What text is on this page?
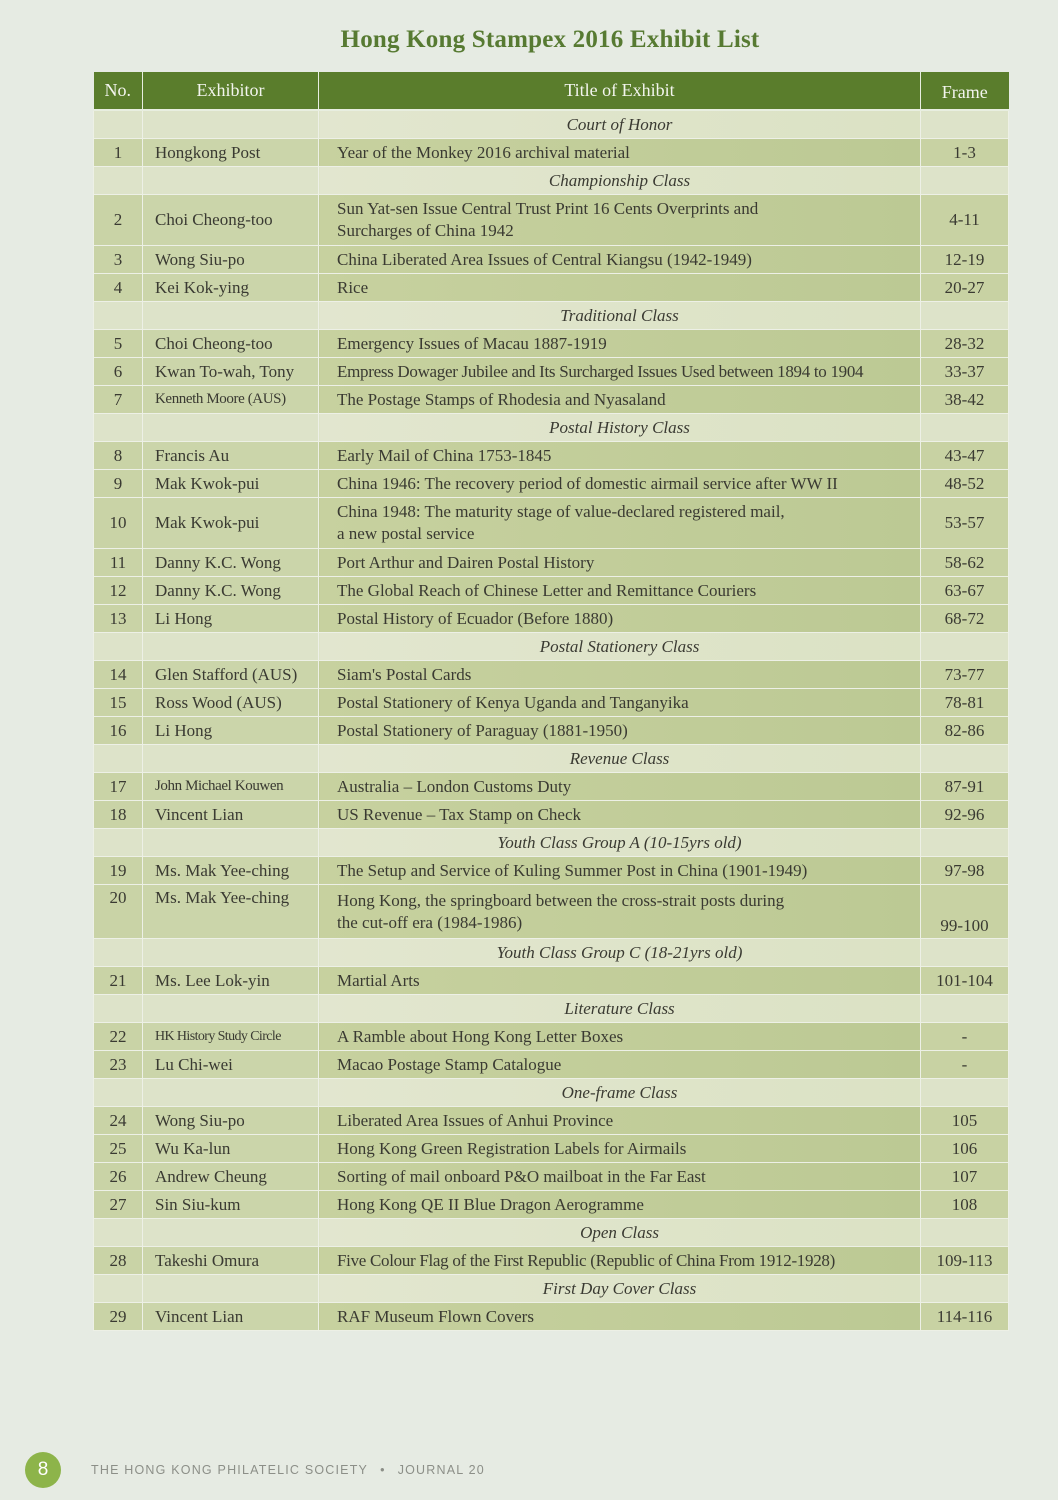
Hong Kong Stampex 2016 Exhibit List
No.	Exhibitor	Title of Exhibit	Frame
		Court of Honor	
1	Hongkong Post	Year of the Monkey 2016 archival material	1-3
		Championship Class	
2	Choi Cheong-too	Sun Yat-sen Issue Central Trust Print 16 Cents Overprints and
Surcharges of China 1942	4-11
3	Wong Siu-po	China Liberated Area Issues of Central Kiangsu (1942-1949)	12-19
4	Kei Kok-ying	Rice	20-27
		Traditional Class	
5	Choi Cheong-too	Emergency Issues of Macau 1887-1919	28-32
6	Kwan To-wah, Tony	Empress Dowager Jubilee and Its Surcharged Issues Used between 1894 to 1904	33-37
7	Kenneth Moore (AUS)	The Postage Stamps of Rhodesia and Nyasaland	38-42
		Postal History Class	
8	Francis Au	Early Mail of China 1753-1845	43-47
9	Mak Kwok-pui	China 1946: The recovery period of domestic airmail service after WW II	48-52
10	Mak Kwok-pui	China 1948: The maturity stage of value-declared registered mail,
a new postal service	53-57
11	Danny K.C. Wong	Port Arthur and Dairen Postal History	58-62
12	Danny K.C. Wong	The Global Reach of Chinese Letter and Remittance Couriers	63-67
13	Li Hong	Postal History of Ecuador (Before 1880)	68-72
		Postal Stationery Class	
14	Glen Stafford (AUS)	Siam's Postal Cards	73-77
15	Ross Wood (AUS)	Postal Stationery of Kenya Uganda and Tanganyika	78-81
16	Li Hong	Postal Stationery of Paraguay (1881-1950)	82-86
		Revenue Class	
17	John Michael Kouwen	Australia – London Customs Duty	87-91
18	Vincent Lian	US Revenue – Tax Stamp on Check	92-96
		Youth Class Group A (10-15yrs old)	
19	Ms. Mak Yee-ching	The Setup and Service of Kuling Summer Post in China (1901-1949)	97-98
20	Ms. Mak Yee-ching	Hong Kong, the springboard between the cross-strait posts during
the cut-off era (1984-1986)	99-100
		Youth Class Group C (18-21yrs old)	
21	Ms. Lee Lok-yin	Martial Arts	101-104
		Literature Class	
22	HK History Study Circle	A Ramble about Hong Kong Letter Boxes	-
23	Lu Chi-wei	Macao Postage Stamp Catalogue	-
		One-frame Class	
24	Wong Siu-po	Liberated Area Issues of Anhui Province	105
25	Wu Ka-lun	Hong Kong Green Registration Labels for Airmails	106
26	Andrew Cheung	Sorting of mail onboard P&O mailboat in the Far East	107
27	Sin Siu-kum	Hong Kong QE II Blue Dragon Aerogramme	108
		Open Class	
28	Takeshi Omura	Five Colour Flag of the First Republic (Republic of China From 1912-1928)	109-113
		First Day Cover Class	
29	Vincent Lian	RAF Museum Flown Covers	114-116
8	THE HONG KONG PHILATELIC SOCIETY • JOURNAL 20
